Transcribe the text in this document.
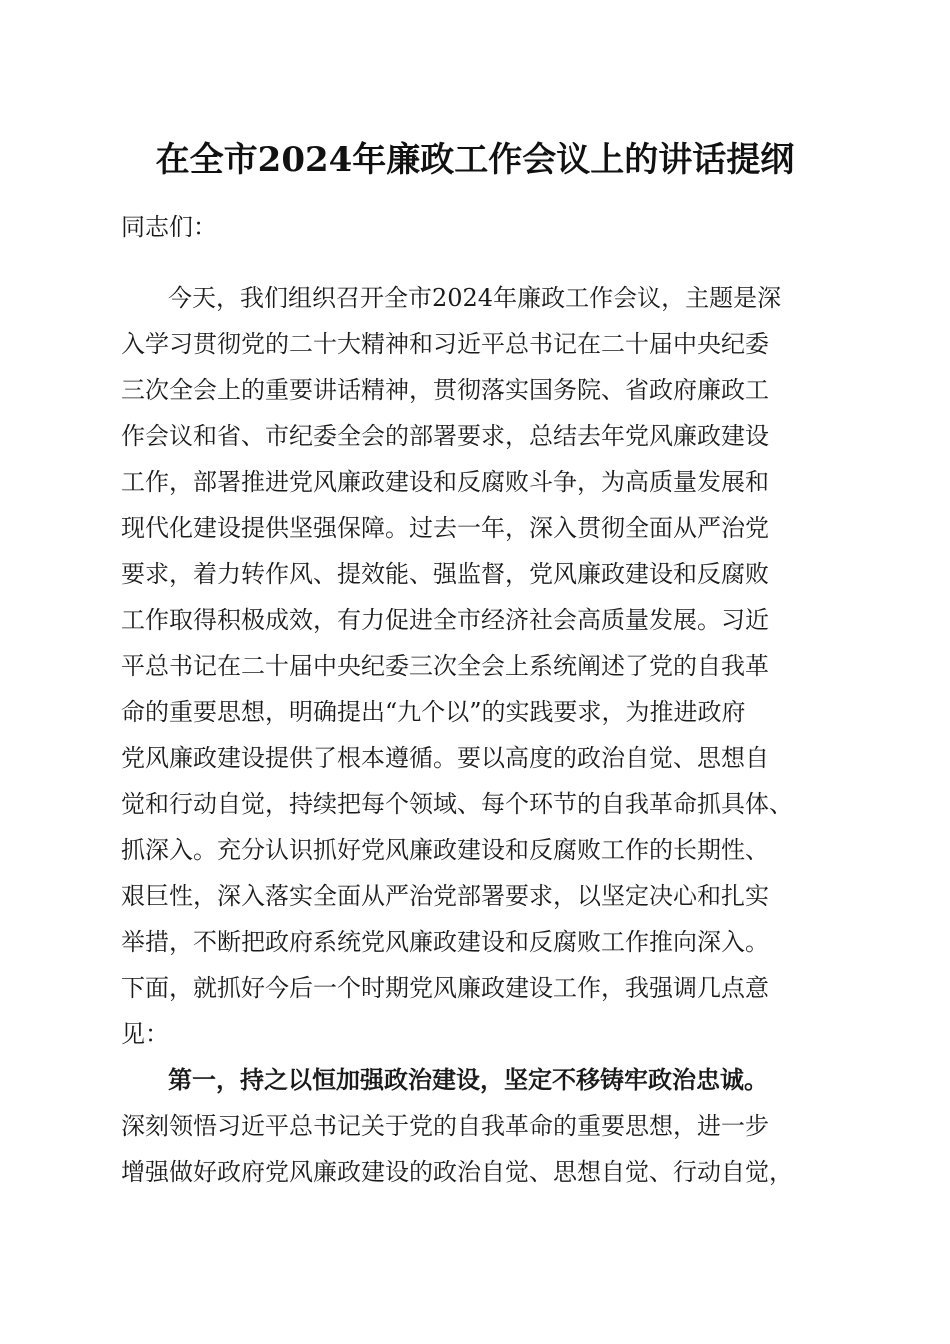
在全市2024年廉政工作会议上的讲话提纲
同志们：
今天，我们组织召开全市2024年廉政工作会议，主题是深
入学习贯彻党的二十大精神和习近平总书记在二十届中央纪委
三次全会上的重要讲话精神，贯彻落实国务院、省政府廉政工
作会议和省、市纪委全会的部署要求，总结去年党风廉政建设
工作，部署推进党风廉政建设和反腐败斗争，为高质量发展和
现代化建设提供坚强保障。过去一年，深入贯彻全面从严治党
要求，着力转作风、提效能、强监督，党风廉政建设和反腐败
工作取得积极成效，有力促进全市经济社会高质量发展。习近
平总书记在二十届中央纪委三次全会上系统阐述了党的自我革
命的重要思想，明确提出“九个以”的实践要求，为推进政府
党风廉政建设提供了根本遵循。要以高度的政治自觉、思想自
觉和行动自觉，持续把每个领域、每个环节的自我革命抓具体、
抓深入。充分认识抓好党风廉政建设和反腐败工作的长期性、
艰巨性，深入落实全面从严治党部署要求，以坚定决心和扎实
举措，不断把政府系统党风廉政建设和反腐败工作推向深入。
下面，就抓好今后一个时期党风廉政建设工作，我强调几点意
见：
第一，持之以恒加强政治建设，坚定不移铸牢政治忠诚。
深刻领悟习近平总书记关于党的自我革命的重要思想，进一步
增强做好政府党风廉政建设的政治自觉、思想自觉、行动自觉，
